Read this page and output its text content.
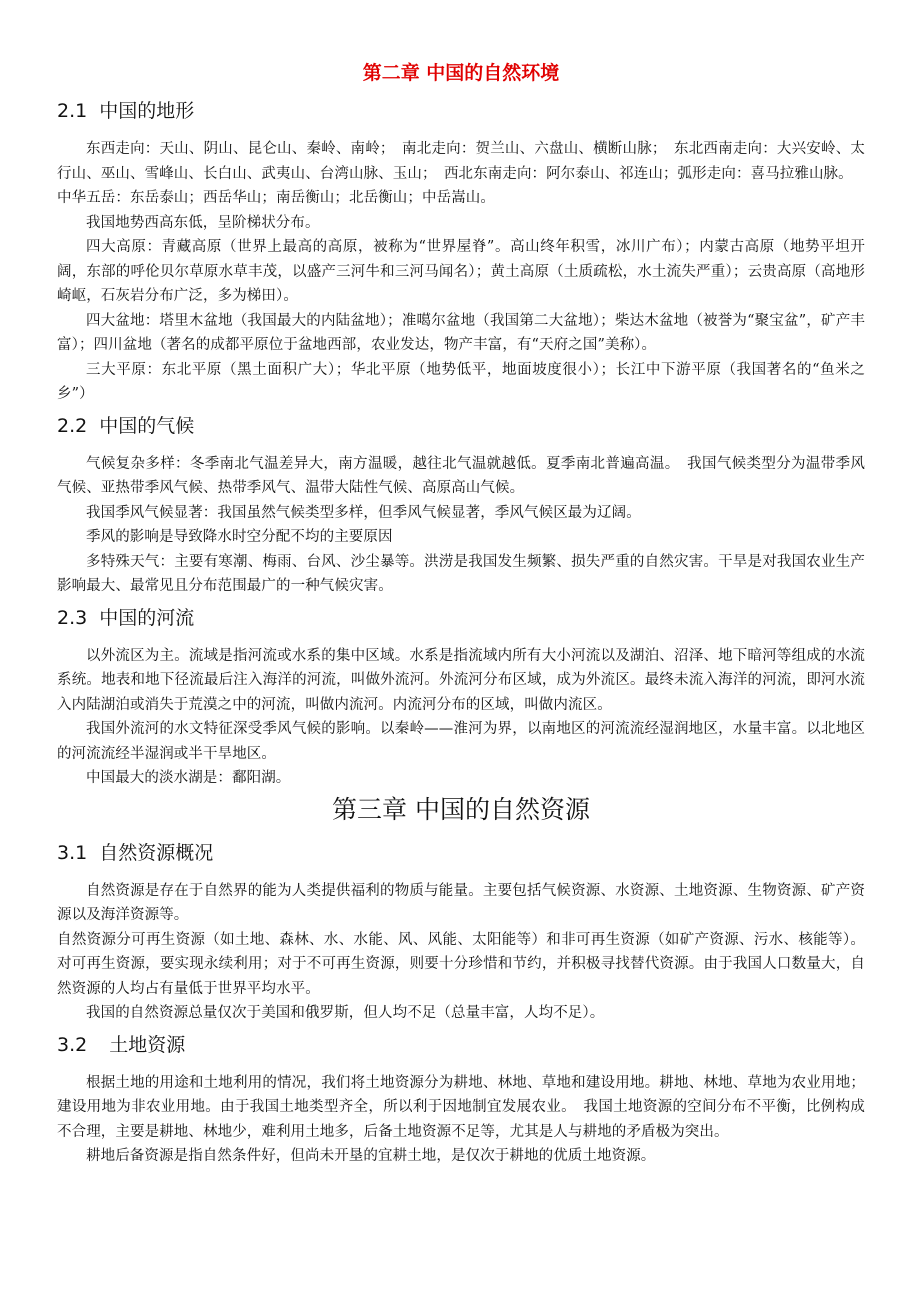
第二章 中国的自然环境
2.1 中国的地形

东西走向：天山、阴山、昆仑山、秦岭、南岭；　南北走向：贺兰山、六盘山、横断山脉；　东北西南走向：大兴安岭、太行山、巫山、雪峰山、长白山、武夷山、台湾山脉、玉山；　西北东南走向：阿尔泰山、祁连山；弧形走向：喜马拉雅山脉。

中华五岳：东岳泰山；西岳华山；南岳衡山；北岳衡山；中岳嵩山。

我国地势西高东低，呈阶梯状分布。

四大高原：青藏高原（世界上最高的高原，被称为“世界屋脊”。高山终年积雪，冰川广布）；内蒙古高原（地势平坦开阔，东部的呼伦贝尔草原水草丰茂，以盛产三河牛和三河马闻名）；黄土高原（土质疏松，水土流失严重）；云贵高原（高地形崎岖，石灰岩分布广泛，多为梯田）。

四大盆地：塔里木盆地（我国最大的内陆盆地）；准噶尔盆地（我国第二大盆地）；柴达木盆地（被誉为“聚宝盆”，矿产丰富）；四川盆地（著名的成都平原位于盆地西部，农业发达，物产丰富，有“天府之国”美称）。

三大平原：东北平原（黑土面积广大）；华北平原（地势低平，地面坡度很小）；长江中下游平原（我国著名的“鱼米之乡”）

2.2 中国的气候

气候复杂多样：冬季南北气温差异大，南方温暖，越往北气温就越低。夏季南北普遍高温。　我国气候类型分为温带季风气候、亚热带季风气候、热带季风气、温带大陆性气候、高原高山气候。

我国季风气候显著：我国虽然气候类型多样，但季风气候显著，季风气候区最为辽阔。

季风的影响是导致降水时空分配不均的主要原因

多特殊天气：主要有寒潮、梅雨、台风、沙尘暴等。洪涝是我国发生频繁、损失严重的自然灾害。干旱是对我国农业生产影响最大、最常见且分布范围最广的一种气候灾害。

2.3 中国的河流

以外流区为主。流域是指河流或水系的集中区域。水系是指流域内所有大小河流以及湖泊、沼泽、地下暗河等组成的水流系统。地表和地下径流最后注入海洋的河流，叫做外流河。外流河分布区域，成为外流区。最终未流入海洋的河流，即河水流入内陆湖泊或消失于荒漠之中的河流，叫做内流河。内流河分布的区域，叫做内流区。

我国外流河的水文特征深受季风气候的影响。以秦岭——淮河为界，以南地区的河流流经湿润地区，水量丰富。以北地区的河流流经半湿润或半干旱地区。

中国最大的淡水湖是：鄱阳湖。

第三章 中国的自然资源
3.1 自然资源概况

自然资源是存在于自然界的能为人类提供福利的物质与能量。主要包括气候资源、水资源、土地资源、生物资源、矿产资源以及海洋资源等。

自然资源分可再生资源（如土地、森林、水、水能、风、风能、太阳能等）和非可再生资源（如矿产资源、污水、核能等）。对可再生资源，要实现永续利用；对于不可再生资源，则要十分珍惜和节约，并积极寻找替代资源。由于我国人口数量大，自然资源的人均占有量低于世界平均水平。

我国的自然资源总量仅次于美国和俄罗斯，但人均不足（总量丰富，人均不足）。

3.2 土地资源

根据土地的用途和土地利用的情况，我们将土地资源分为耕地、林地、草地和建设用地。耕地、林地、草地为农业用地；建设用地为非农业用地。由于我国土地类型齐全，所以利于因地制宜发展农业。　我国土地资源的空间分布不平衡，比例构成不合理，主要是耕地、林地少，难利用土地多，后备土地资源不足等，尤其是人与耕地的矛盾极为突出。

耕地后备资源是指自然条件好，但尚未开垦的宜耕土地，是仅次于耕地的优质土地资源。
